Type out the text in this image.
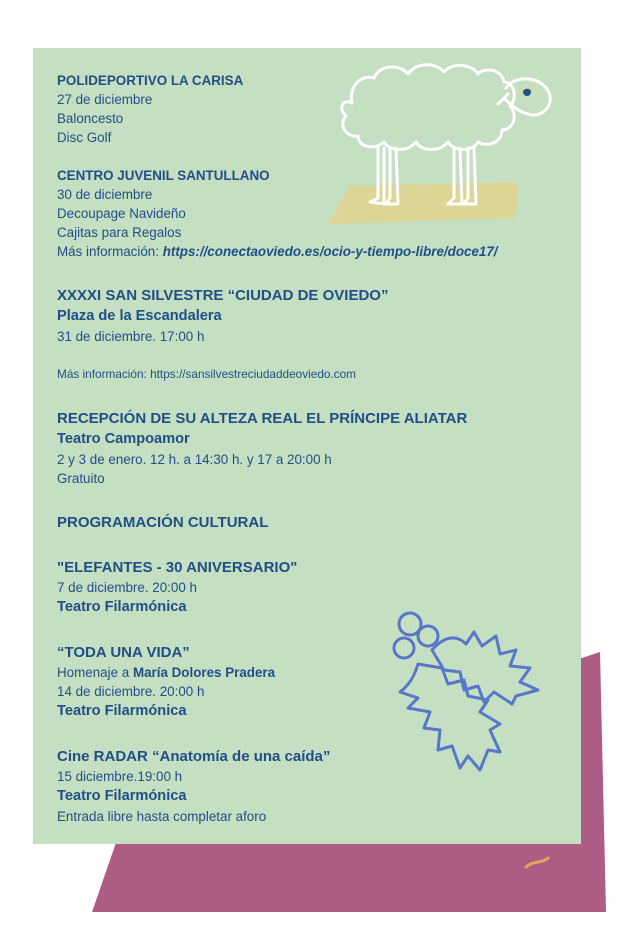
POLIDEPORTIVO LA CARISA
27 de diciembre
Baloncesto
Disc Golf
CENTRO JUVENIL SANTULLANO
30 de diciembre
Decoupage Navideño
Cajitas para Regalos
Más información: https://conectaoviedo.es/ocio-y-tiempo-libre/doce17/
XXXXI SAN SILVESTRE “CIUDAD DE OVIEDO”
Plaza de la Escandalera
31 de diciembre. 17:00 h
Más información: https://sansilvestreciudaddeoviedo.com
RECEPCIÓN DE SU ALTEZA REAL EL PRÍNCIPE ALIATAR
Teatro Campoamor
2 y 3 de enero. 12 h. a 14:30 h. y 17 a 20:00 h
Gratuito
PROGRAMACIÓN CULTURAL
"ELEFANTES - 30 ANIVERSARIO"
7 de diciembre. 20:00 h
Teatro Filarmónica
“TODA UNA VIDA”
Homenaje a María Dolores Pradera
14 de diciembre. 20:00 h
Teatro Filarmónica
Cine RADAR “Anatomía de una caída”
15 diciembre.19:00 h
Teatro Filarmónica
Entrada libre hasta completar aforo
